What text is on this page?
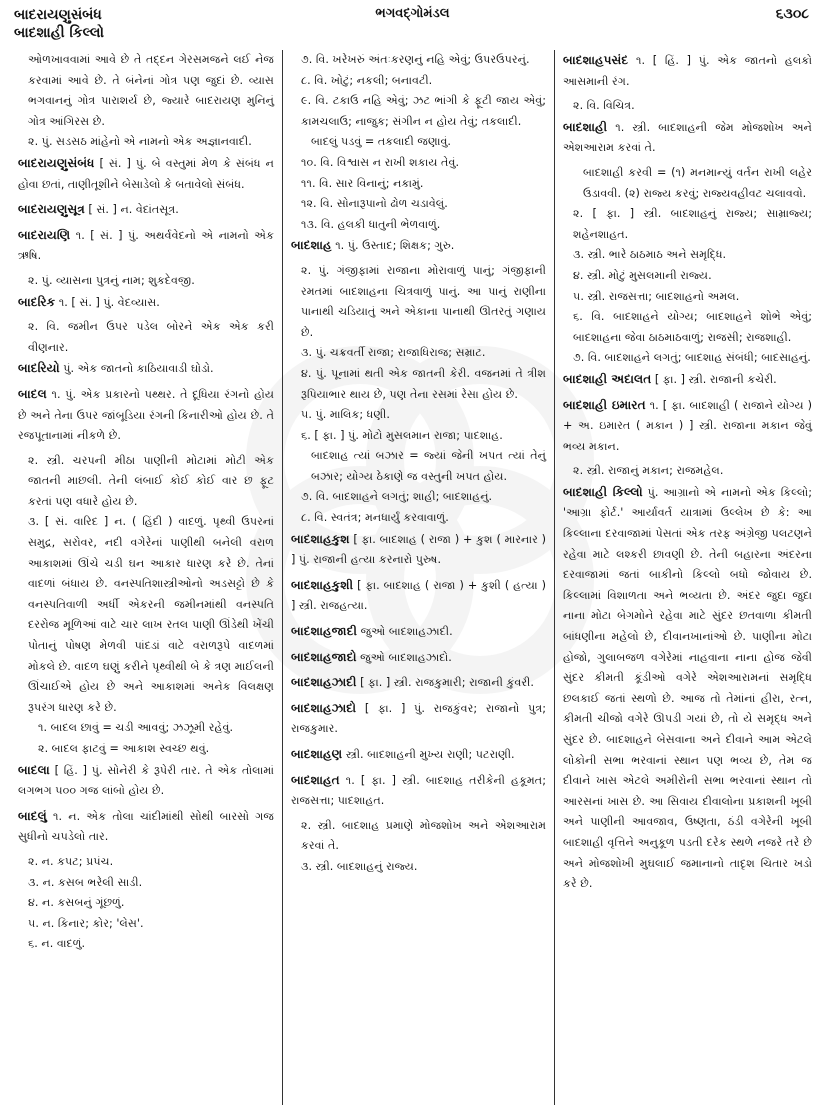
બાદરાયણુસંબંધ
બાદશાહી કિલ્લો
ભગવદ્ગોમંડલ	૬૩૦૮
ઓળખાવવામાં આવે છે તે તદ્દન ગેરસમજને લઈ નેજ કરવામાં આવે છે. તે બંનેનાં ગોત્ર પણ જુદાં છે. વ્યાસ ભગવાનનું ગોત્ર પારાશર્ય છે, જ્યારે બાદરાયણ મુનિનું ગોત્ર આંગિરસ છે.
૨. પું. સડસઠ માંહેનો એ નામનો એક અજ્ઞાનવાદી.
બાદરાયણુસંબંધ [ સં. ] પું. બે વસ્તુમાં મેળ કે સંબંધ ન હોવા છતાં, તાણીતૂશીને બેસાડેલો કે બતાવેલો સંબંધ.
બાદરાયણુસૂત્ર [ સં. ] ન. વેદાંતસૂત્ર.
બાદરાયણિ ૧. [ સં. ] પું. અથર્વવેદનો એ નામનો એક ઋષિ.
૨. પું. વ્યાસના પુત્રનું નામ; શુકદેવજી.
બાદરિક ૧. [ સં. ] પું. વેદવ્યાસ.
૨. વિ. જમીન ઉપર પડેલ બોરને એક એક કરી વીણનાર.
બાદરિયો પું. એક જાતનો કાઠિયાવાડી ઘોડો.
બાદલ ૧. પું. એક પ્રકારનો પથ્થર. તે દૂધિયા રંગનો હોય છે અને તેના ઉપર જાંબૂડિયા રંગની કિનારીઓ હોય છે. તે રજપૂતાનામાં નીકળે છે.
૨. સ્ત્રી. ચરપની મીઠા પાણીની મોટામાં મોટી એક જાતની માછલી. તેની લંબાઈ કોઈ કોઈ વાર છ ફૂટ કરતાં પણ વધારે હોય છે.
૩. [ સં. વારિદ ] ન. ( હિંદી ) વાદળું. પૃથ્વી ઉપરનાં સમુદ્ર, સરોવર, નદી વગેરેનાં પાણીથી બનેલી વરાળ આકાશમાં ઊંચે ચડી ઘન આકાર ધારણ કરે છે. તેનાં વાદળાં બંધાય છે. વનસ્પતિશાસ્ત્રીઓનો અડસટ્ટો છે કે વનસ્પતિવાળી અર્ધી એકરની જમીનમાંથી વનસ્પતિ દરરોજ મૂળિઆં વાટે ચાર લાખ રતલ પાણી ઊંડેથી ખેંચી પોતાનું પોષણ મેળવી પાંદડાં વાટે વરાળરૂપે વાદળમાં મોકલે છે. વાદળ ઘણું કરીને પૃથ્વીથી બે કે ત્રણ માઈલની ઊંચાઈએ હોય છે અને આકાશમાં અનેક વિલક્ષણ રૂપરંગ ધારણ કરે છે.
૧. બાદલ છાવું = ચડી આવવું; ઝઝૂમી રહેવું.
૨. બાદલ ફાટવું = આકાશ સ્વચ્છ થવું.
બાદલા [ હિં. ] પું. સોનેરી કે રૂપેરી તાર. તે એક તોલામાં લગભગ ૫૦૦ ગજ લાંબો હોય છે.
બાદલું ૧. ન. એક તોલા ચાંદીમાંથી સોથી બારસો ગજ સુધીનો ચપડેલો તાર.
૨. ન. કપટ; પ્રપંચ.
૩. ન. કસબ ભરેલી સાડી.
૪. ન. કસબનું ગૂંછળું.
૫. ન. કિનાર; કોર; 'લેસ'.
૬. ન. વાદળું.
૭. વિ. ખરેખરું અંતઃકરણનું નહિ એવું; ઉપરઉપરનું.
૮. વિ. ખોટું; નકલી; બનાવટી.
૯. વિ. ટકાઉ નહિ એવું; ઝટ ભાંગી કે ફૂટી જાય એવું; કામચલાઉ; નાજુક; સંગીન ન હોય તેવું; તકલાદી.
બાદલું પડવું = તકલાદી જણાવું.
૧૦. વિ. વિશ્વાસ ન રાખી શકાય તેવું.
૧૧. વિ. સાર વિનાનું; નકામું.
૧૨. વિ. સોનારૂપાનો ઢોળ ચડાવેલું.
૧૩. વિ. હલકી ધાતુની ભેળવાળું.
બાદશાહ ૧. પું. ઉસ્તાદ; શિક્ષક; ગુરુ.
૨. પું. ગંજીફામાં રાજાના મોરાવાળું પાનું; ગંજીફાની રમતમાં બાદશાહના ચિત્રવાળું પાનું. આ પાનું રાણીના પાનાથી ચડિયાતું અને એકાના પાનાથી ઊતરતું ગણાય છે.
૩. પું. ચક્રવર્તી રાજા; રાજાધિરાજ; સમ્રાટ.
૪. પું. પૂનામાં થતી એક જાતની કેરી. વજનમાં તે ત્રીશ રૂપિયાભાર થાય છે, પણ તેના રસમાં રેસા હોય છે.
૫. પું. માલિક; ધણી.
૬. [ ફા. ] પું. મોટો મુસલમાન રાજા; પાદશાહ.
બાદશાહ ત્યાં બઝાર = જ્યાં જેની ખપત ત્યાં તેનું બઝાર; યોગ્ય ઠેકાણે જ વસ્તુની ખપત હોય.
૭. વિ. બાદશાહને લગતું; શાહી; બાદશાહનું.
૮. વિ. સ્વતંત્ર; મનધાર્યું કરવાવાળું.
બાદશાહકુશ [ ફા. બાદશાહ ( રાજા ) + કુશ ( મારનાર ) ] પું. રાજાની હત્યા કરનારો પુરુષ.
બાદશાહકુશી [ ફા. બાદશાહ ( રાજા ) + કુશી ( હત્યા ) ] સ્ત્રી. રાજહત્યા.
બાદશાહજાદી જુઓ બાદશાહઝાદી.
બાદશાહજાદો જુઓ બાદશાહઝાદો.
બાદશાહઝાદી [ ફા. ] સ્ત્રી. રાજકુમારી; રાજાની કુંવરી.
બાદશાહઝાદો [ ફા. ] પું. રાજકુંવર; રાજાનો પુત્ર; રાજકુમાર.
બાદશાહણ સ્ત્રી. બાદશાહની મુખ્ય રાણી; પટરાણી.
બાદશાહત ૧. [ ફા. ] સ્ત્રી. બાદશાહ તરીકેની હકૂમત; રાજસત્તા; પાદશાહત.
૨. સ્ત્રી. બાદશાહ પ્રમાણે મોજશોખ અને એશઆરામ કરવાં તે.
૩. સ્ત્રી. બાદશાહનું રાજ્ય.
બાદશાહપસંદ ૧. [ હિં. ] પું. એક જાતનો હલકો આસમાની રંગ.
૨. વિ. વિચિત્ર.
બાદશાહી ૧. સ્ત્રી. બાદશાહની જેમ મોજશોખ અને એશઆરામ કરવાં તે.
બાદશાહી કરવી = (૧) મનમાન્યું વર્તન રાખી લહેર ઉડાવવી. (૨) રાજ્ય કરવું; રાજ્યવહીવટ ચલાવવો.
૨. [ ફા. ] સ્ત્રી. બાદશાહનું રાજ્ય; સામ્રાજ્ય; શહેનશાહત.
૩. સ્ત્રી. ભારે ઠાઠમાઠ અને સમૃદ્ધિ.
૪. સ્ત્રી. મોટું મુસલમાની રાજ્ય.
૫. સ્ત્રી. રાજસત્તા; બાદશાહનો અમલ.
૬. વિ. બાદશાહને યોગ્ય; બાદશાહને શોભે એવું; બાદશાહના જેવા ઠાઠમાઠવાળું; રાજસી; રાજશાહી.
૭. વિ. બાદશાહને લગતું; બાદશાહ સંબંધી; બાદસાહનું.
બાદશાહી અદાલત [ ફા. ] સ્ત્રી. રાજાની કચેરી.
બાદશાહી ઇમારત ૧. [ ફા. બાદશાહી ( રાજાને યોગ્ય ) + અ. ઇમારત ( મકાન ) ] સ્ત્રી. રાજાના મકાન જેવું ભવ્ય મકાન.
૨. સ્ત્રી. રાજાનું મકાન; રાજમહેલ.
બાદશાહી કિલ્લો પું. આગ્રાનો એ નામનો એક કિલ્લો; 'આગ્રા ફોર્ટ.' આર્યાવર્ત યાત્રામાં ઉલ્લેખ છે કે: આ કિલ્લાના દરવાજામાં પેસતાં એક તરફ અંગ્રેજી પલટણને રહેવા માટે લશ્કરી છાવણી છે. તેની બહારના અંદરના દરવાજામાં જતાં બાકીનો કિલ્લો બધો જોવાય છે. કિલ્લામાં વિશાળતા અને ભવ્યતા છે. અંદર જુદા જુદા નાના મોટા બેગમોને રહેવા માટે સુંદર છતવાળા કીમતી બાંધણીના મહેલો છે, દીવાનખાનાંઓ છે. પાણીના મોટા હોજો, ગુલાબજળ વગેરેમાં નાહવાના નાના હોજ જેવી સુંદર કીમતી કૂંડીઓ વગેરે એશઆરામનાં સમૃદ્ધિ છલકાઈ જતાં સ્થળો છે. આજ તો તેમાંનાં હીરા, રત્ન, કીમતી ચીજો વગેરે ઊપડી ગયાં છે, તો યે સમૃદ્ધ અને સુંદર છે. બાદશાહને બેસવાના અને દીવાને આમ એટલે લોકોની સભા ભરવાનાં સ્થાન પણ ભવ્ય છે, તેમ જ દીવાને ખાસ એટલે અમીરોની સભા ભરવાનાં સ્થાન તો આરસનાં ખાસ છે. આ સિવાય દીવાલોના પ્રકાશની ખૂબી અને પાણીની આવજાવ, ઉષ્ણતા, ઠંડી વગેરેની ખૂબી બાદશાહી વૃત્તિને અનુકૂળ પડતી દરેક સ્થળે નજરે તરે છે અને મોજશોખી મુઘલાઈ જમાનાનો તાદૃશ ચિતાર ખડો કરે છે.
